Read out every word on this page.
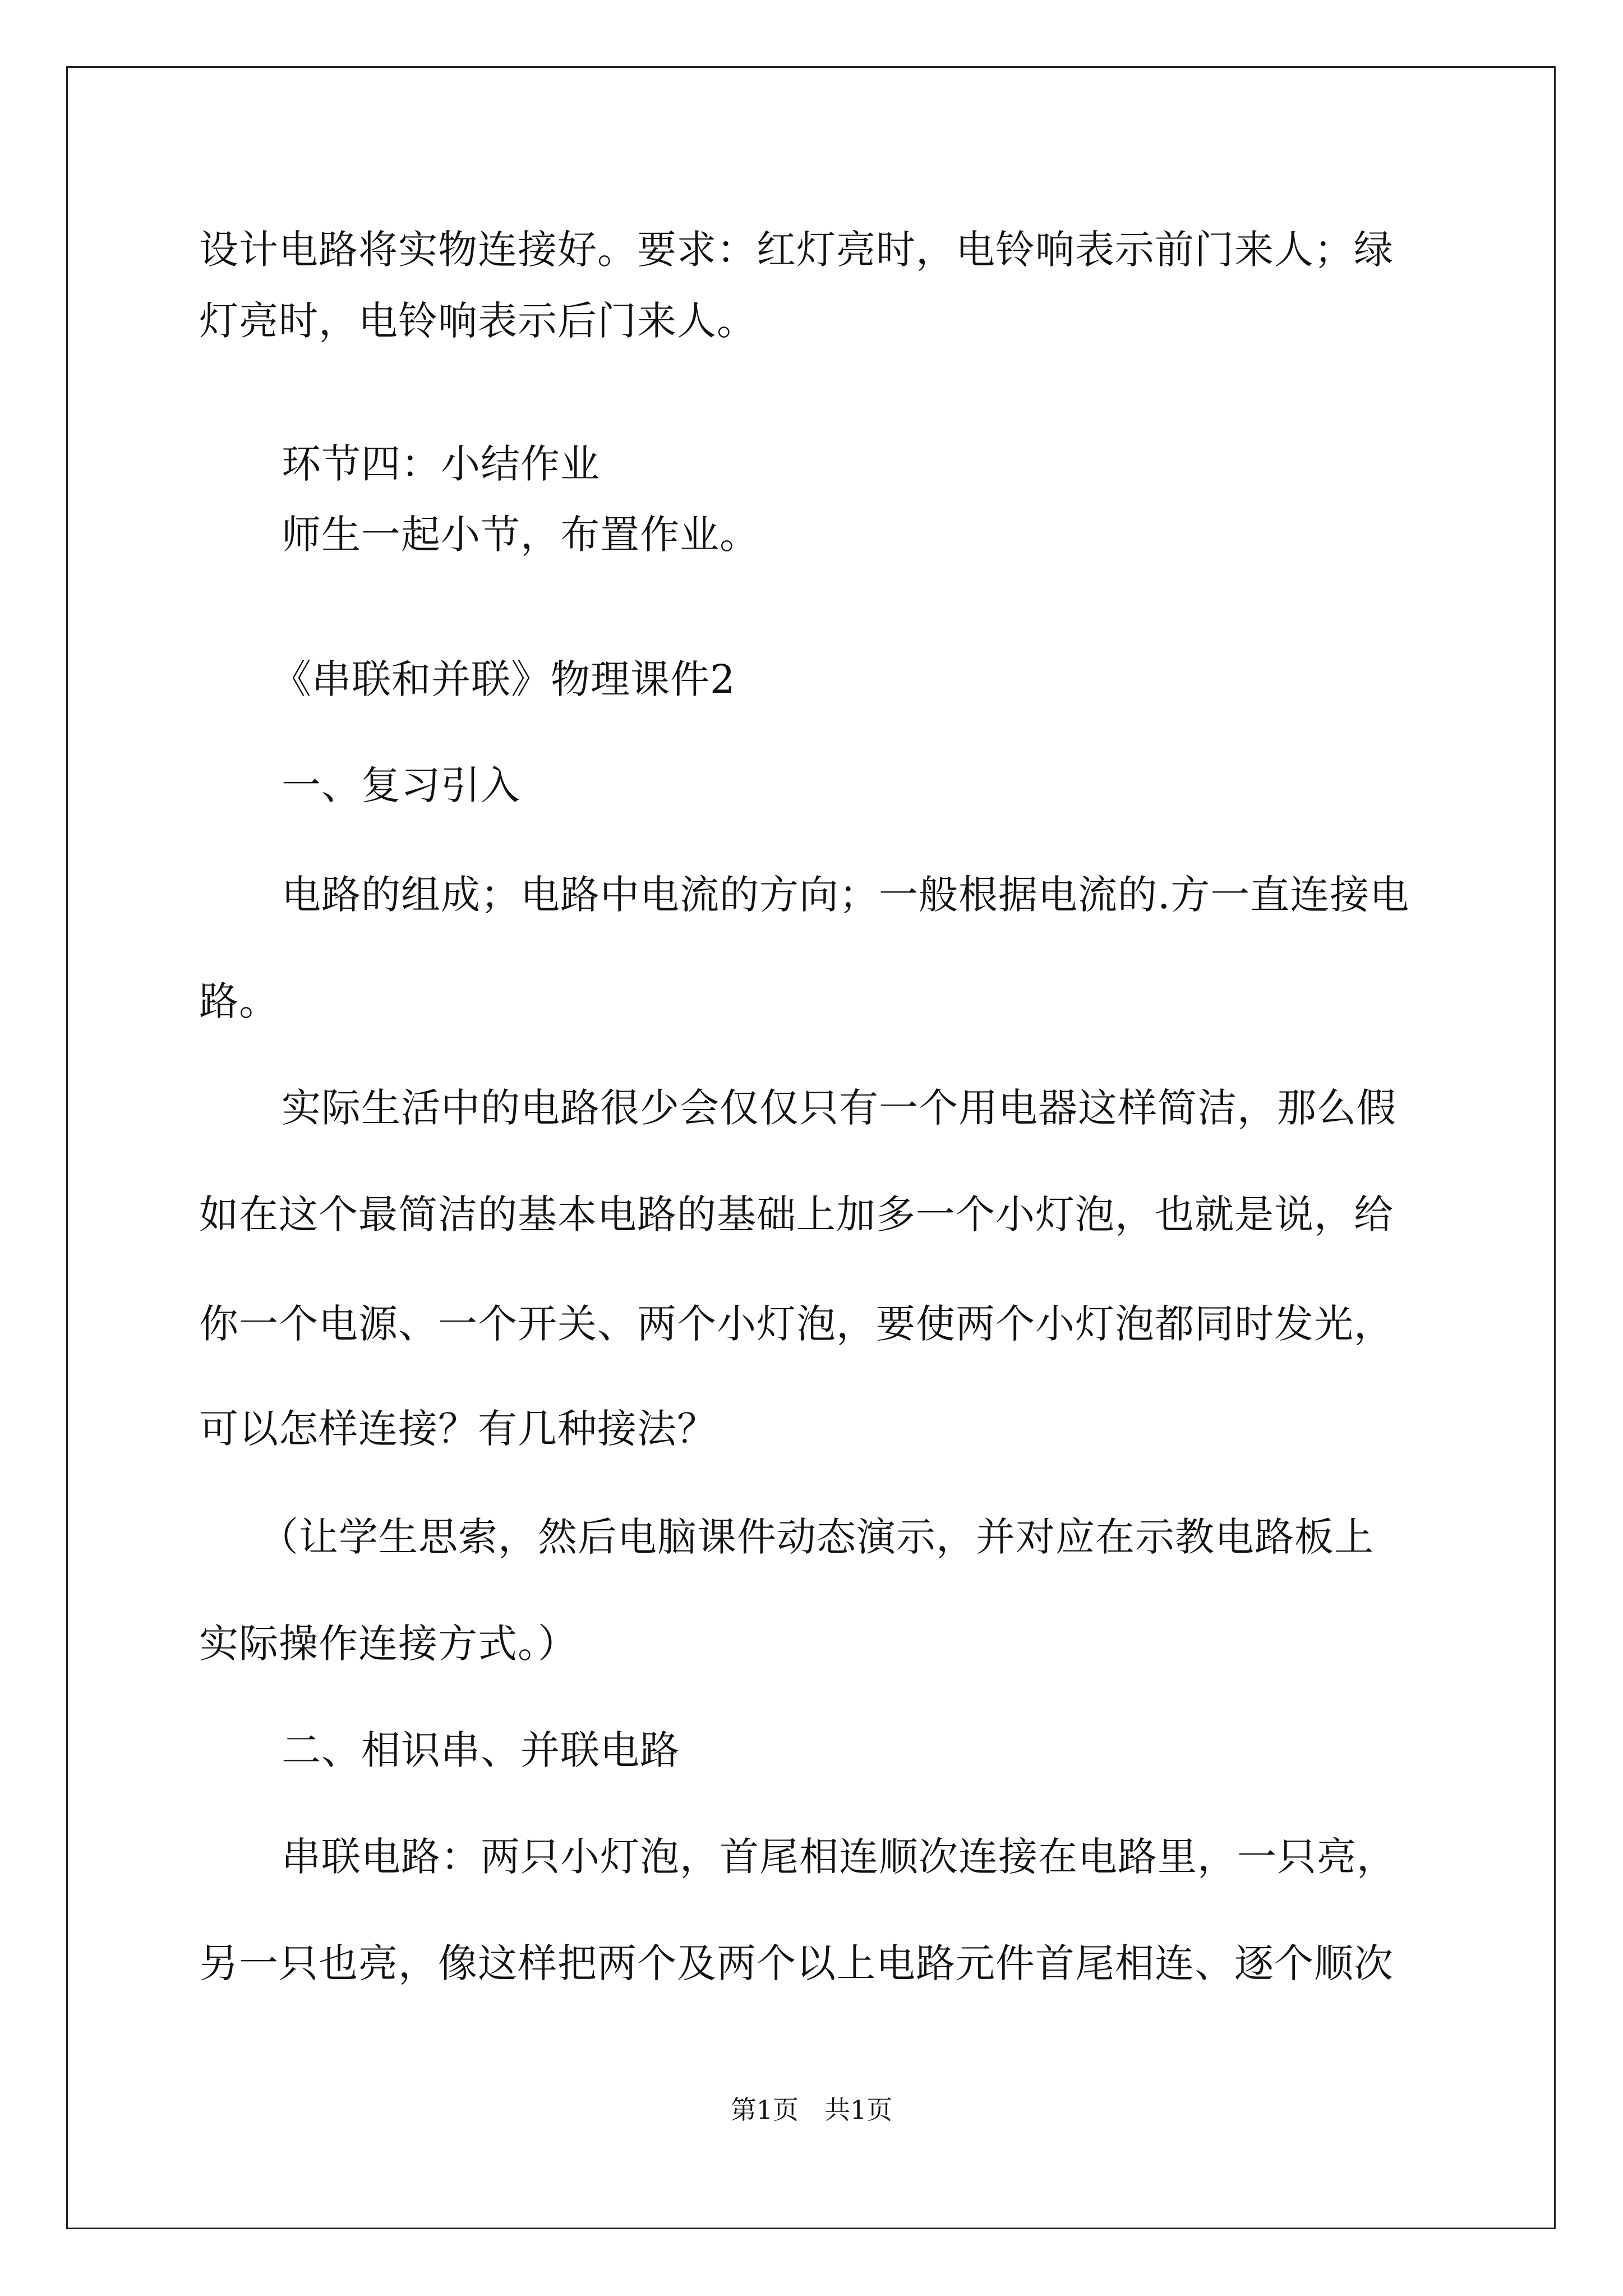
设计电路将实物连接好。要求：红灯亮时，电铃响表示前门来人；绿
灯亮时，电铃响表示后门来人。
环节四：小结作业
师生一起小节，布置作业。
《串联和并联》物理课件2
一、复习引入
电路的组成；电路中电流的方向；一般根据电流的.方一直连接电
路。
实际生活中的电路很少会仅仅只有一个用电器这样简洁，那么假
如在这个最简洁的基本电路的基础上加多一个小灯泡，也就是说，给
你一个电源、一个开关、两个小灯泡，要使两个小灯泡都同时发光，
可以怎样连接？有几种接法？
（让学生思索，然后电脑课件动态演示，并对应在示教电路板上
实际操作连接方式。）
二、相识串、并联电路
串联电路：两只小灯泡，首尾相连顺次连接在电路里，一只亮，
另一只也亮，像这样把两个及两个以上电路元件首尾相连、逐个顺次
第1页　共1页
